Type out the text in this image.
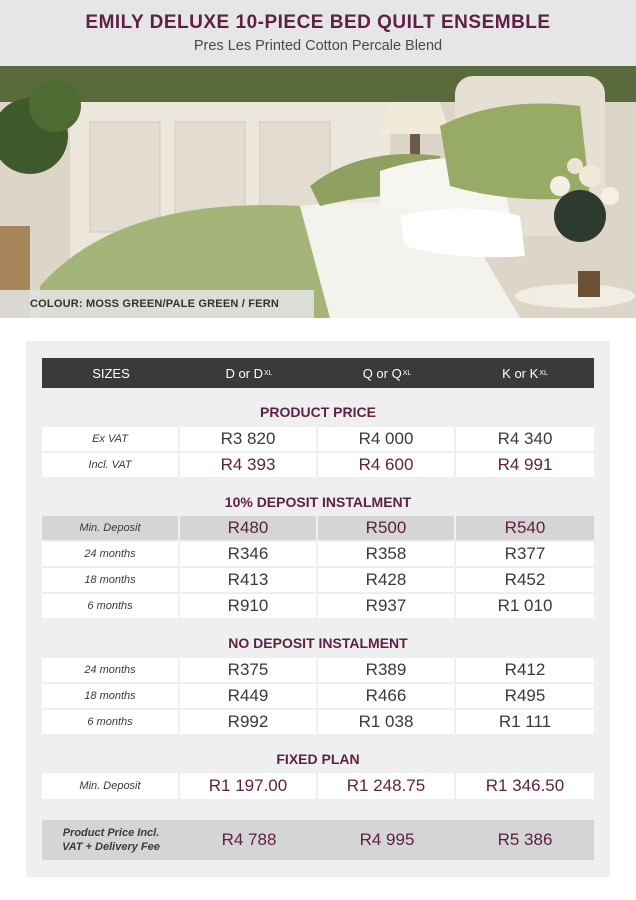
EMILY DELUXE 10-PIECE BED QUILT ENSEMBLE
Pres Les Printed Cotton Percale Blend
COLOUR: MOSS GREEN/PALE GREEN / FERN
SIZES	D or D XL	Q or Q XL	K or K XL
PRODUCT PRICE
Ex VAT	R3 820	R4 000	R4 340
Incl. VAT	R4 393	R4 600	R4 991
10% DEPOSIT INSTALMENT
Min. Deposit	R480	R500	R540
24 months	R346	R358	R377
18 months	R413	R428	R452
6 months	R910	R937	R1 010
NO DEPOSIT INSTALMENT
24 months	R375	R389	R412
18 months	R449	R466	R495
6 months	R992	R1 038	R1 111
FIXED PLAN
Min. Deposit	R1 197.00	R1 248.75	R1 346.50
Product Price Incl.
VAT + Delivery Fee	R4 788	R4 995	R5 386
